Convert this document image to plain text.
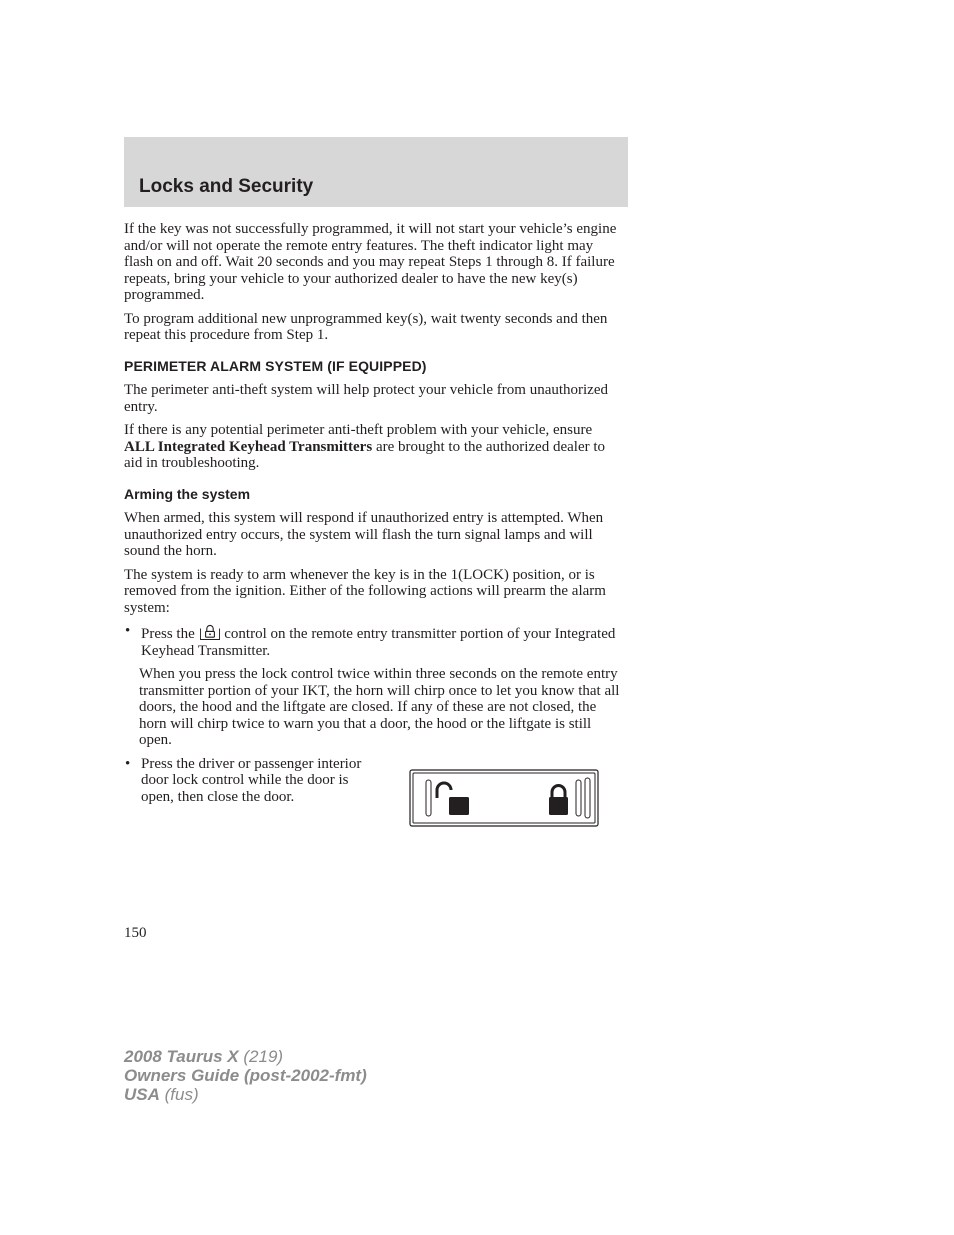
Locks and Security

If the key was not successfully programmed, it will not start your vehicle’s engine and/or will not operate the remote entry features. The theft indicator light may flash on and off. Wait 20 seconds and you may repeat Steps 1 through 8. If failure repeats, bring your vehicle to your authorized dealer to have the new key(s) programmed.

To program additional new unprogrammed key(s), wait twenty seconds and then repeat this procedure from Step 1.

PERIMETER ALARM SYSTEM (IF EQUIPPED)

The perimeter anti-theft system will help protect your vehicle from unauthorized entry.

If there is any potential perimeter anti-theft problem with your vehicle, ensure ALL Integrated Keyhead Transmitters are brought to the authorized dealer to aid in troubleshooting.

Arming the system

When armed, this system will respond if unauthorized entry is attempted. When unauthorized entry occurs, the system will flash the turn signal lamps and will sound the horn.

The system is ready to arm whenever the key is in the 1(LOCK) position, or is removed from the ignition. Either of the following actions will prearm the alarm system:

• Press the  control on the remote entry transmitter portion of your Integrated Keyhead Transmitter.

When you press the lock control twice within three seconds on the remote entry transmitter portion of your IKT, the horn will chirp once to let you know that all doors, the hood and the liftgate are closed. If any of these are not closed, the horn will chirp twice to warn you that a door, the hood or the liftgate is still open.

• Press the driver or passenger interior door lock control while the door is open, then close the door.
150
2008 Taurus X (219)
Owners Guide (post-2002-fmt)
USA (fus)
